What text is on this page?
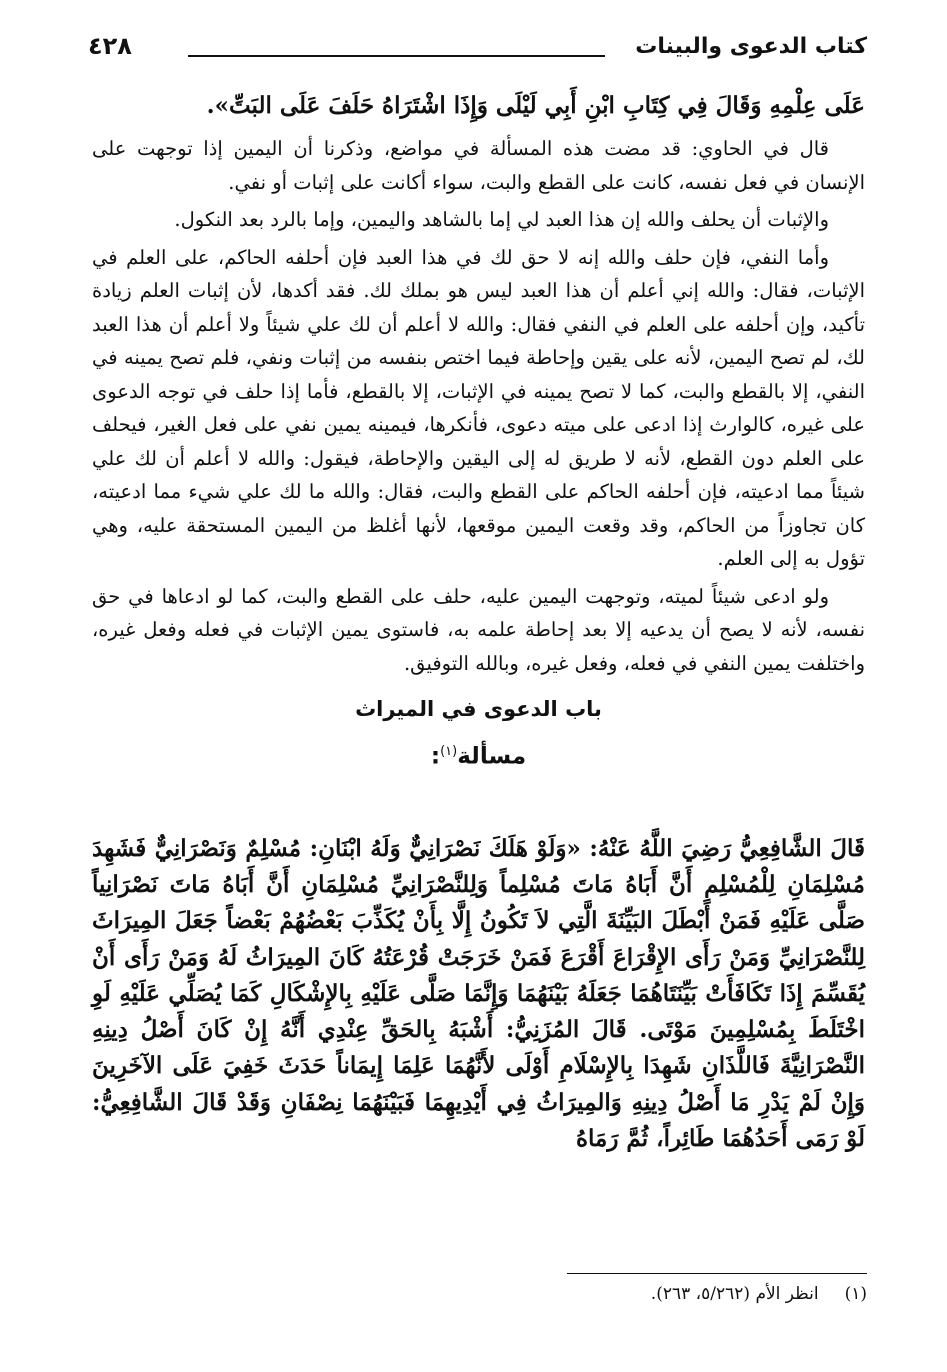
كتاب الدعوى والبينات
٤٢٨
عَلَى عِلْمِهِ وَقَالَ فِي كِتَابِ ابْنِ أَبِي لَيْلَى وَإِذَا اشْتَرَاهُ حَلَفَ عَلَى البَتِّ».

قال في الحاوي: قد مضت هذه المسألة في مواضع، وذكرنا أن اليمين إذا توجهت على الإنسان في فعل نفسه، كانت على القطع والبت، سواء أكانت على إثبات أو نفي.

والإثبات أن يحلف والله إن هذا العبد لي إما بالشاهد واليمين، وإما بالرد بعد النكول.

وأما النفي، فإن حلف والله إنه لا حق لك في هذا العبد فإن أحلفه الحاكم، على العلم في الإثبات، فقال: والله إني أعلم أن هذا العبد ليس هو بملك لك. فقد أكدها، لأن إثبات العلم زيادة تأكيد، وإن أحلفه على العلم في النفي فقال: والله لا أعلم أن لك علي شيئاً ولا أعلم أن هذا العبد لك، لم تصح اليمين، لأنه على يقين وإحاطة فيما اختص بنفسه من إثبات ونفي، فلم تصح يمينه في النفي، إلا بالقطع والبت، كما لا تصح يمينه في الإثبات، إلا بالقطع، فأما إذا حلف في توجه الدعوى على غيره، كالوارث إذا ادعى على ميته دعوى، فأنكرها، فيمينه يمين نفي على فعل الغير، فيحلف على العلم دون القطع، لأنه لا طريق له إلى اليقين والإحاطة، فيقول: والله لا أعلم أن لك علي شيئاً مما ادعيته، فإن أحلفه الحاكم على القطع والبت، فقال: والله ما لك علي شيء مما ادعيته، كان تجاوزاً من الحاكم، وقد وقعت اليمين موقعها، لأنها أغلظ من اليمين المستحقة عليه، وهي تؤول به إلى العلم.

ولو ادعى شيئاً لميته، وتوجهت اليمين عليه، حلف على القطع والبت، كما لو ادعاها في حق نفسه، لأنه لا يصح أن يدعيه إلا بعد إحاطة علمه به، فاستوى يمين الإثبات في فعله وفعل غيره، واختلفت يمين النفي في فعله، وفعل غيره، وبالله التوفيق.

باب الدعوى في الميراث
مسألة$^{(١)}$:
قَالَ الشَّافِعِيُّ رَضِيَ اللَّهُ عَنْهُ: «وَلَوْ هَلَكَ نَصْرَانِيٌّ وَلَهُ ابْنَانِ: مُسْلِمٌ وَنَصْرَانِيٌّ فَشَهِدَ مُسْلِمَانِ لِلْمُسْلِمِ أَنَّ أَبَاهُ مَاتَ مُسْلِماً وَلِلنَّصْرَانِيِّ مُسْلِمَانِ أَنَّ أَبَاهُ مَاتَ نَصْرَانِياً صَلَّى عَلَيْهِ فَمَنْ أَبْطَلَ البَيِّنَةَ الَّتِي لاَ تَكُونُ إِلَّا بِأَنْ يُكَذِّبَ بَعْضُهُمْ بَعْضاً جَعَلَ المِيرَاثَ لِلنَّصْرَانِيِّ وَمَنْ رَأَى الإِقْرَاعَ أَقْرَعَ فَمَنْ خَرَجَتْ قُرْعَتُهُ كَانَ المِيرَاثُ لَهُ وَمَنْ رَأَى أَنْ يُقَسِّمَ إِذَا تَكَافَأَتْ بَيِّنَتَاهُمَا جَعَلَهُ بَيْنَهُمَا وَإِنَّمَا صَلَّى عَلَيْهِ بِالإِشْكَالِ كَمَا يُصَلِّي عَلَيْهِ لَوِ اخْتَلَطَ بِمُسْلِمِينَ مَوْتَى. قَالَ المُزَنِيُّ: أَشْبَهُ بِالحَقِّ عِنْدِي أَنَّهُ إِنْ كَانَ أَصْلُ دِينِهِ النَّصْرَانِيَّةَ فَاللَّذَانِ شَهِدَا بِالإِسْلَامِ أَوْلَى لأَنَّهُمَا عَلِمَا إِيمَاناً حَدَثَ خَفِيَ عَلَى الآخَرِينَ وَإِنْ لَمْ يَدْرِ مَا أَصْلُ دِينِهِ وَالمِيرَاثُ فِي أَيْدِيهِمَا فَبَيْنَهُمَا نِصْفَانِ وَقَدْ قَالَ الشَّافِعِيُّ: لَوْ رَمَى أَحَدُهُمَا طَائِراً، ثُمَّ رَمَاهُ
(١)
انظر الأم (٥/٢٦٢، ٢٦٣).
